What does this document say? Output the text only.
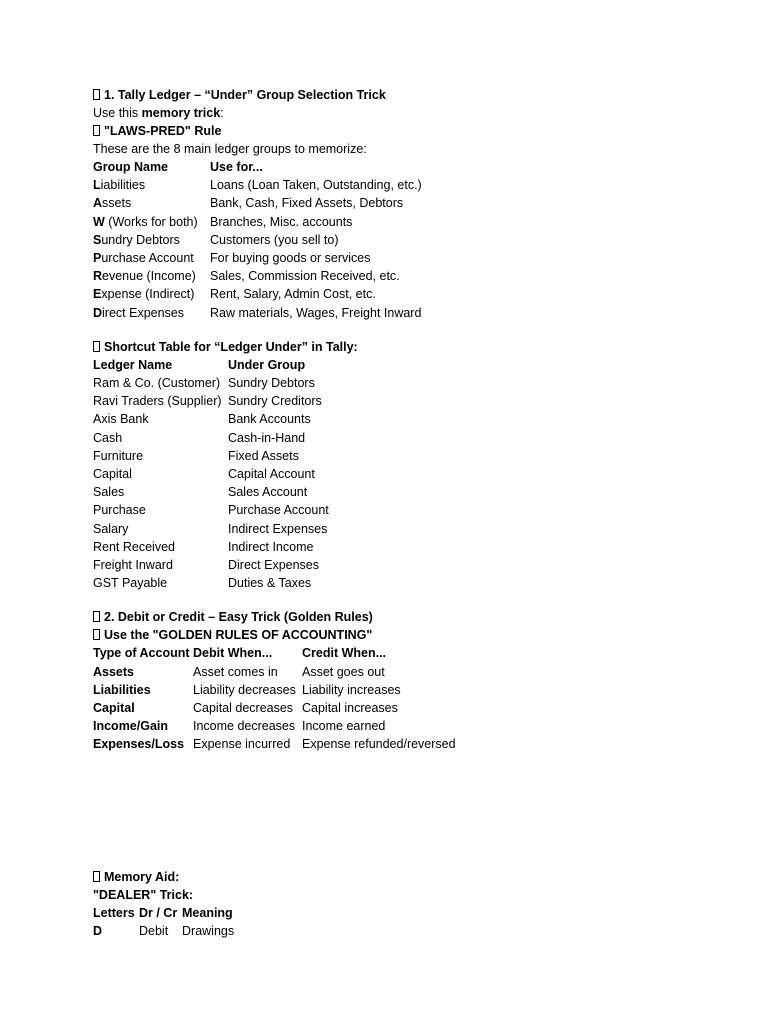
1. Tally Ledger – “Under” Group Selection Trick
Use this memory trick:
"LAWS-PRED" Rule
These are the 8 main ledger groups to memorize:
Group Name	Use for...
Liabilities	Loans (Loan Taken, Outstanding, etc.)
Assets	Bank, Cash, Fixed Assets, Debtors
W (Works for both)	Branches, Misc. accounts
Sundry Debtors	Customers (you sell to)
Purchase Account	For buying goods or services
Revenue (Income)	Sales, Commission Received, etc.
Expense (Indirect)	Rent, Salary, Admin Cost, etc.
Direct Expenses	Raw materials, Wages, Freight Inward
Shortcut Table for “Ledger Under” in Tally:
Ledger Name	Under Group
Ram & Co. (Customer)	Sundry Debtors
Ravi Traders (Supplier)	Sundry Creditors
Axis Bank	Bank Accounts
Cash	Cash-in-Hand
Furniture	Fixed Assets
Capital	Capital Account
Sales	Sales Account
Purchase	Purchase Account
Salary	Indirect Expenses
Rent Received	Indirect Income
Freight Inward	Direct Expenses
GST Payable	Duties & Taxes
2. Debit or Credit – Easy Trick (Golden Rules)
Use the "GOLDEN RULES OF ACCOUNTING"
Type of Account	Debit When...	Credit When...
Assets	Asset comes in	Asset goes out
Liabilities	Liability decreases	Liability increases
Capital	Capital decreases	Capital increases
Income/Gain	Income decreases	Income earned
Expenses/Loss	Expense incurred	Expense refunded/reversed
Memory Aid:
"DEALER" Trick:
Letters	Dr / Cr	Meaning
D	Debit	Drawings
